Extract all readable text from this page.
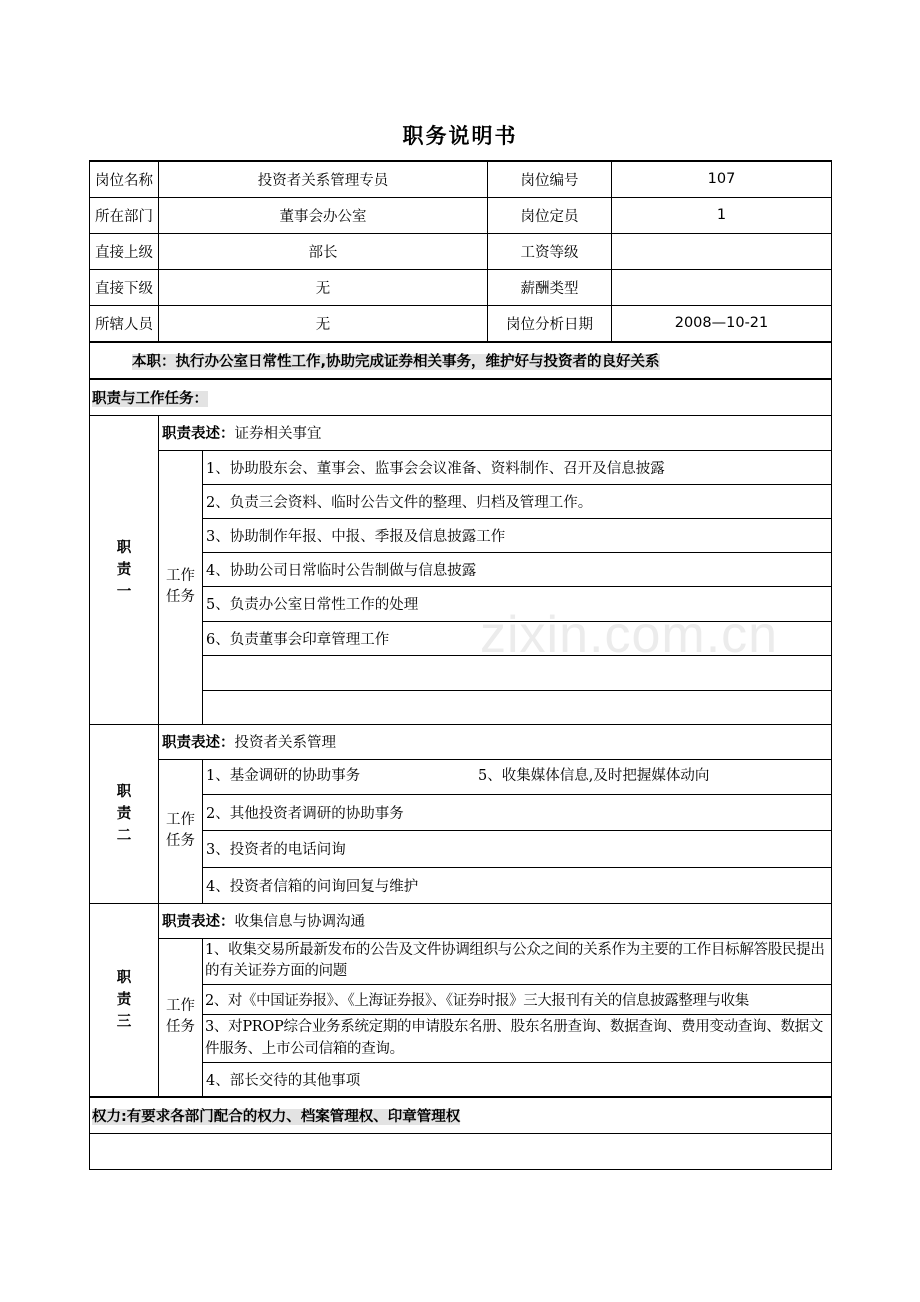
职务说明书
岗位名称	投资者关系管理专员		岗位编号	107
所在部门	董事会办公室		岗位定员	1
直接上级	部长		工资等级	
直接下级	无		薪酬类型	
所辖人员	无		岗位分析日期	2008—10-21
本职：执行办公室日常性工作,协助完成证券相关事务，维护好与投资者的良好关系				
职责与工作任务：				
职
责
一	职责表述：证券相关事宜			
	工作
任务	1、协助股东会、董事会、监事会会议准备、资料制作、召开及信息披露		
		2、负责三会资料、临时公告文件的整理、归档及管理工作。		
		3、协助制作年报、中报、季报及信息披露工作		
		4、协助公司日常临时公告制做与信息披露		
		5、负责办公室日常性工作的处理		
		6、负责董事会印章管理工作		

职
责
二	职责表述：投资者关系管理			
	工作
任务	1、基金调研的协助事务 5、收集媒体信息,及时把握媒体动向		
		2、其他投资者调研的协助事务		
		3、投资者的电话问询		
		4、投资者信箱的问询回复与维护		
职
责
三	职责表述：收集信息与协调沟通			
	工作
任务	1、收集交易所最新发布的公告及文件协调组织与公众之间的关系作为主要的工作目标解答股民提出的有关证券方面的问题		
		2、对《中国证券报》、《上海证券报》、《证券时报》三大报刊有关的信息披露整理与收集		
		3、对PROP综合业务系统定期的申请股东名册、股东名册查询、数据查询、费用变动查询、数据文件服务、上市公司信箱的查询。		
		4、部长交待的其他事项		
权力:有要求各部门配合的权力、档案管理权、印章管理权				

zixin.com.cn
